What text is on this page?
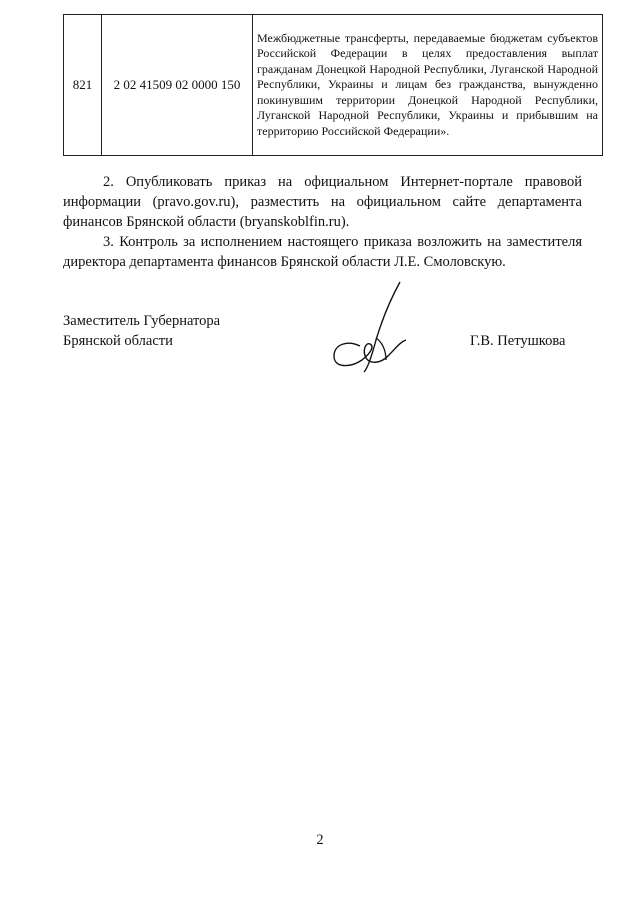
821	2 02 41509 02 0000 150	Межбюджетные трансферты, передаваемые бюджетам субъектов Российской Федерации в целях предоставления выплат гражданам Донецкой Народной Республики, Луганской Народной Республики, Украины и лицам без гражданства, вынужденно покинувшим территории Донецкой Народной Республики, Луганской Народной Республики, Украины и прибывшим на территорию Российской Федерации».

2. Опубликовать приказ на официальном Интернет-портале правовой информации (pravo.gov.ru), разместить на официальном сайте департамента финансов Брянской области (bryanskoblfin.ru).

3. Контроль за исполнением настоящего приказа возложить на заместителя директора департамента финансов Брянской области Л.Е. Смоловскую.

Заместитель Губернатора
Брянской области	Г.В. Петушкова
2
